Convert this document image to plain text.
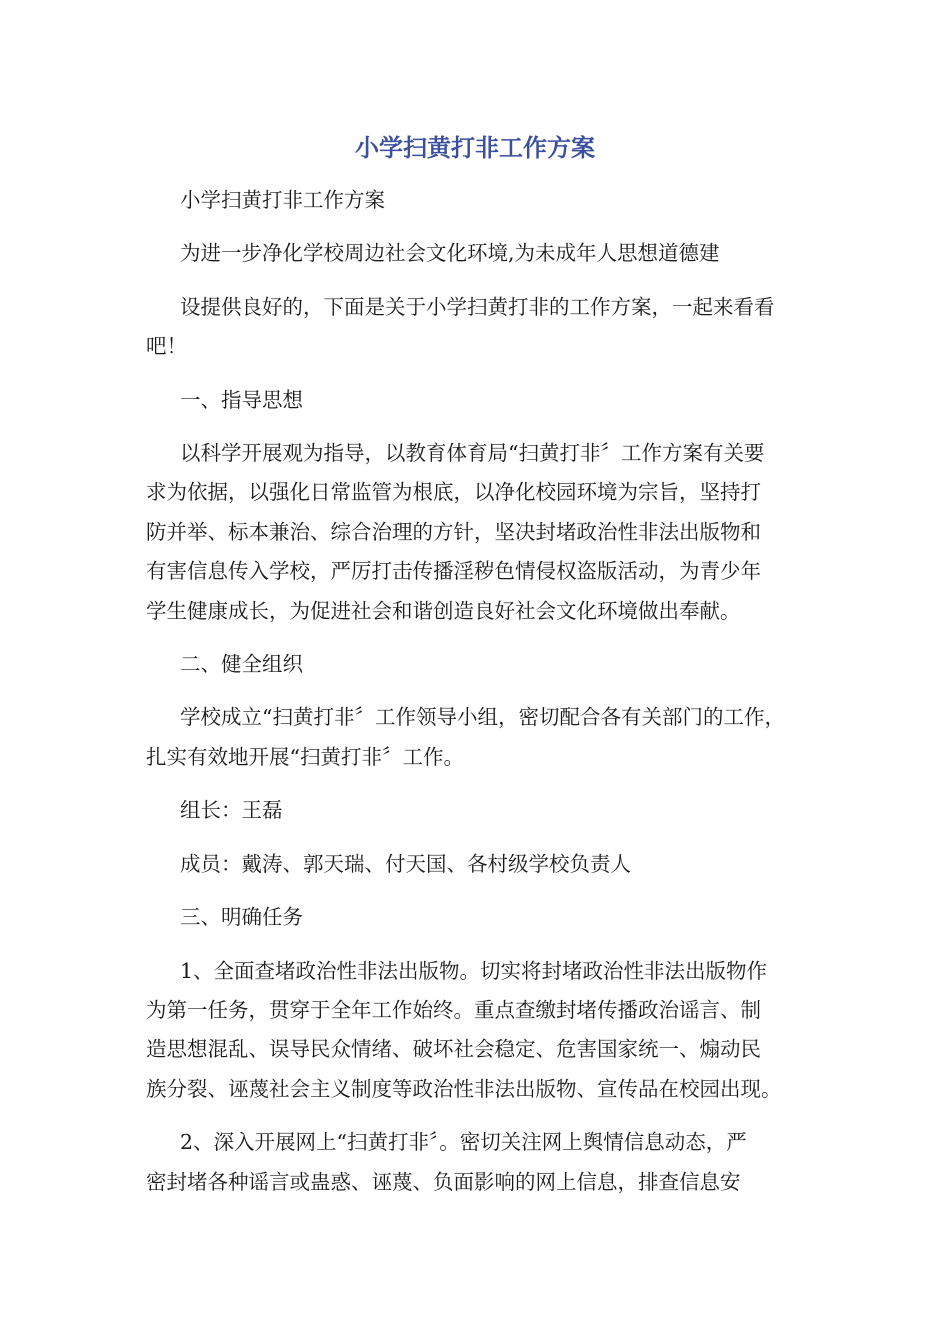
小学扫黄打非工作方案
小学扫黄打非工作方案
为进一步净化学校周边社会文化环境,为未成年人思想道德建
设提供良好的，下面是关于小学扫黄打非的工作方案，一起来看看
吧！
一、指导思想
以科学开展观为指导，以教育体育局“扫黄打非〞工作方案有关要
求为依据，以强化日常监管为根底，以净化校园环境为宗旨，坚持打
防并举、标本兼治、综合治理的方针，坚决封堵政治性非法出版物和
有害信息传入学校，严厉打击传播淫秽色情侵权盗版活动，为青少年
学生健康成长，为促进社会和谐创造良好社会文化环境做出奉献。
二、健全组织
学校成立“扫黄打非〞工作领导小组，密切配合各有关部门的工作，
扎实有效地开展“扫黄打非〞工作。
组长：王磊
成员：戴涛、郭天瑞、付天国、各村级学校负责人
三、明确任务
1、全面查堵政治性非法出版物。切实将封堵政治性非法出版物作
为第一任务，贯穿于全年工作始终。重点查缴封堵传播政治谣言、制
造思想混乱、误导民众情绪、破坏社会稳定、危害国家统一、煽动民
族分裂、诬蔑社会主义制度等政治性非法出版物、宣传品在校园出现。
2、深入开展网上“扫黄打非〞。密切关注网上舆情信息动态，严
密封堵各种谣言或蛊惑、诬蔑、负面影响的网上信息，排查信息安
